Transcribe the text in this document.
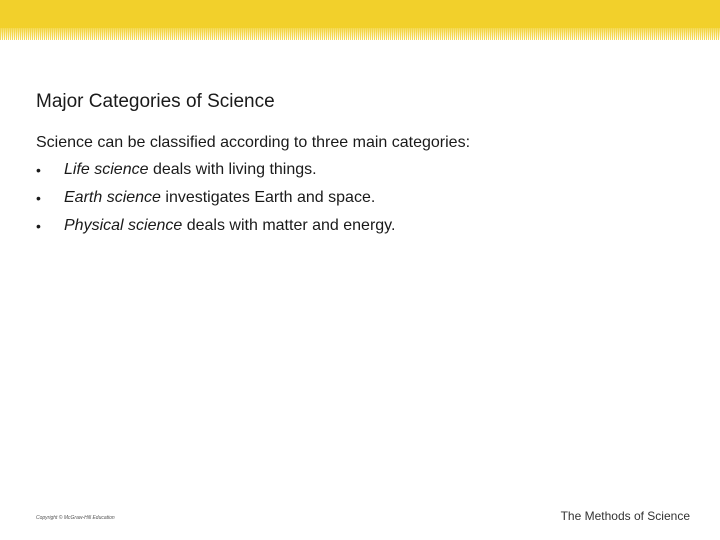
Major Categories of Science
Science can be classified according to three main categories:
•	Life science deals with living things.
•	Earth science investigates Earth and space.
•	Physical science deals with matter and energy.
Copyright © McGraw-Hill Education	The Methods of Science
